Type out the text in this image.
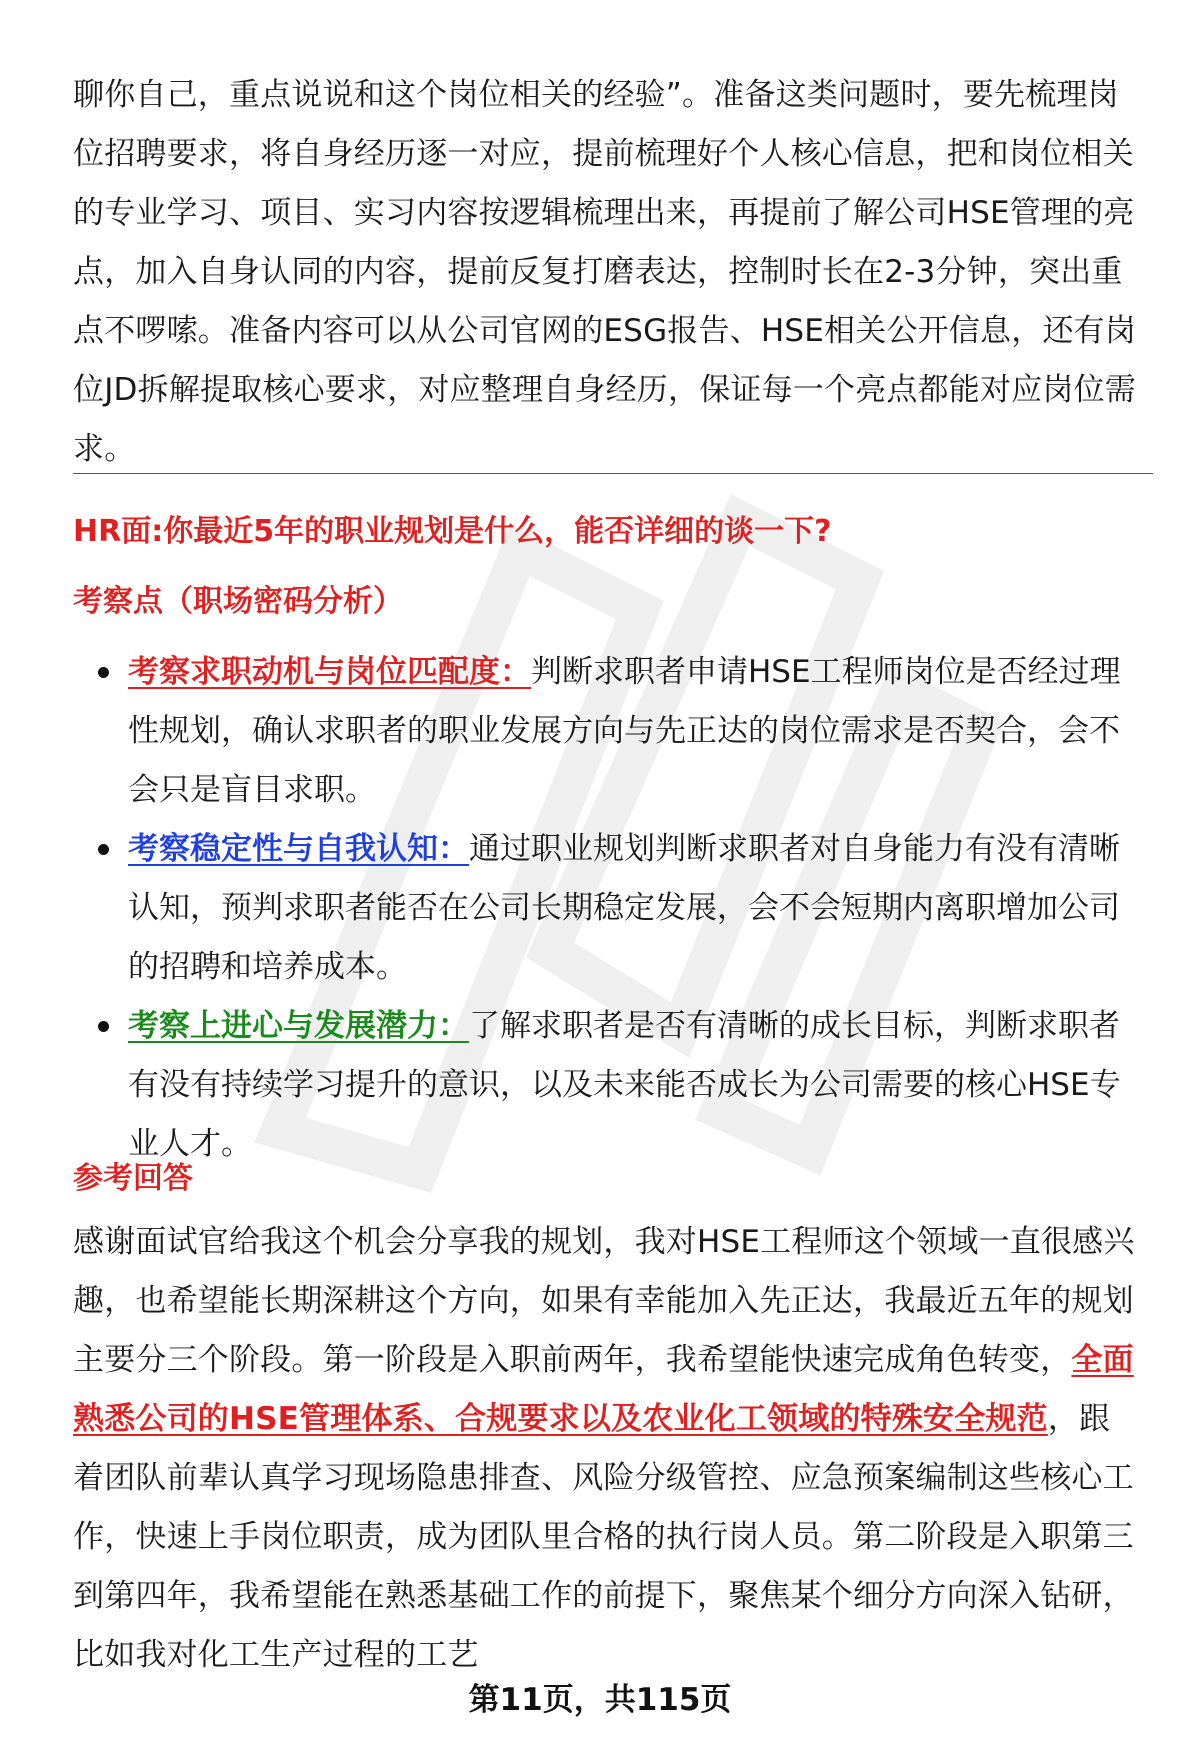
聊你自己，重点说说和这个岗位相关的经验”。准备这类问题时，要先梳理岗位招聘要求，将自身经历逐一对应，提前梳理好个人核心信息，把和岗位相关的专业学习、项目、实习内容按逻辑梳理出来，再提前了解公司HSE管理的亮点，加入自身认同的内容，提前反复打磨表达，控制时长在2-3分钟，突出重点不啰嗦。准备内容可以从公司官网的ESG报告、HSE相关公开信息，还有岗位JD拆解提取核心要求，对应整理自身经历，保证每一个亮点都能对应岗位需求。
HR面:你最近5年的职业规划是什么，能否详细的谈一下?
考察点（职场密码分析）
考察求职动机与岗位匹配度：判断求职者申请HSE工程师岗位是否经过理性规划，确认求职者的职业发展方向与先正达的岗位需求是否契合，会不会只是盲目求职。
考察稳定性与自我认知：通过职业规划判断求职者对自身能力有没有清晰认知，预判求职者能否在公司长期稳定发展，会不会短期内离职增加公司的招聘和培养成本。
考察上进心与发展潜力：了解求职者是否有清晰的成长目标，判断求职者有没有持续学习提升的意识，以及未来能否成长为公司需要的核心HSE专业人才。
参考回答
感谢面试官给我这个机会分享我的规划，我对HSE工程师这个领域一直很感兴趣，也希望能长期深耕这个方向，如果有幸能加入先正达，我最近五年的规划主要分三个阶段。第一阶段是入职前两年，我希望能快速完成角色转变，全面熟悉公司的HSE管理体系、合规要求以及农业化工领域的特殊安全规范，跟着团队前辈认真学习现场隐患排查、风险分级管控、应急预案编制这些核心工作，快速上手岗位职责，成为团队里合格的执行岗人员。第二阶段是入职第三到第四年，我希望能在熟悉基础工作的前提下，聚焦某个细分方向深入钻研，比如我对化工生产过程的工艺
第11页，共115页
